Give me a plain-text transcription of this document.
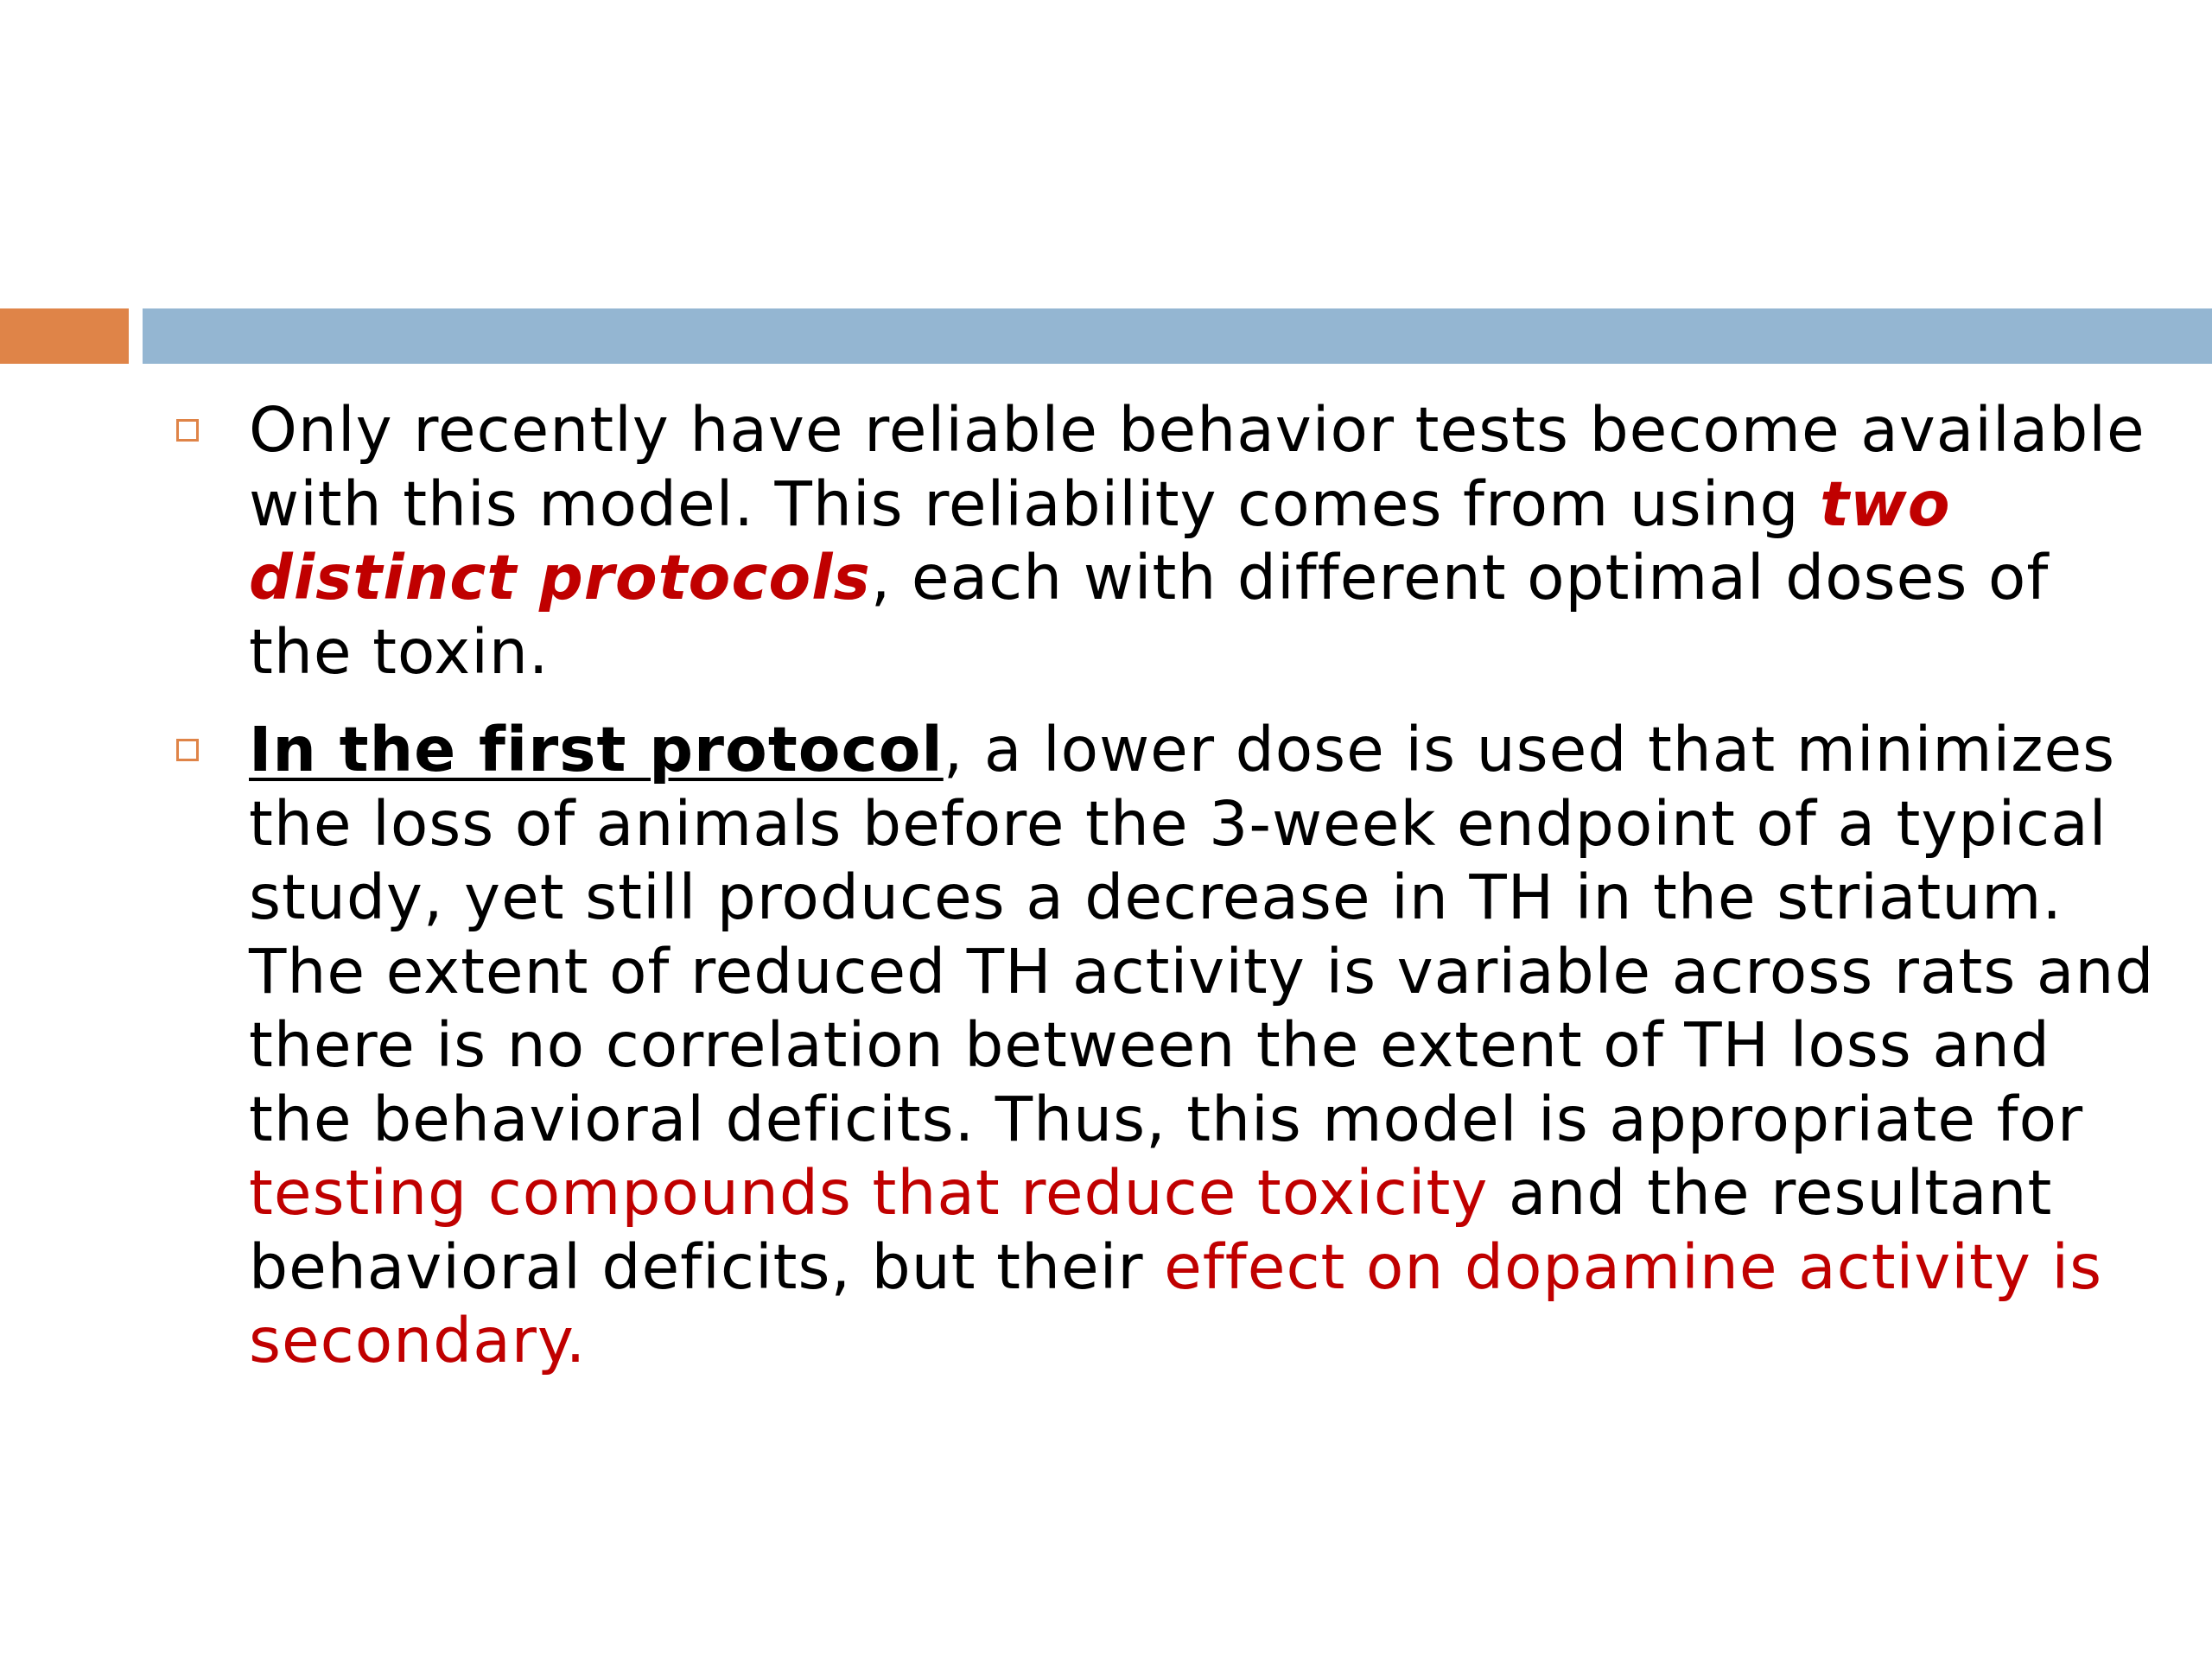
Only recently have reliable behavior tests become available with this model. This reliability comes from using two distinct protocols, each with different optimal doses of the toxin.
In the first protocol, a lower dose is used that minimizes the loss of animals before the 3-week endpoint of a typical study, yet still produces a decrease in TH in the striatum. The extent of reduced TH activity is variable across rats and there is no correlation between the extent of TH loss and the behavioral deficits. Thus, this model is appropriate for testing compounds that reduce toxicity and the resultant behavioral deficits, but their effect on dopamine activity is secondary.
